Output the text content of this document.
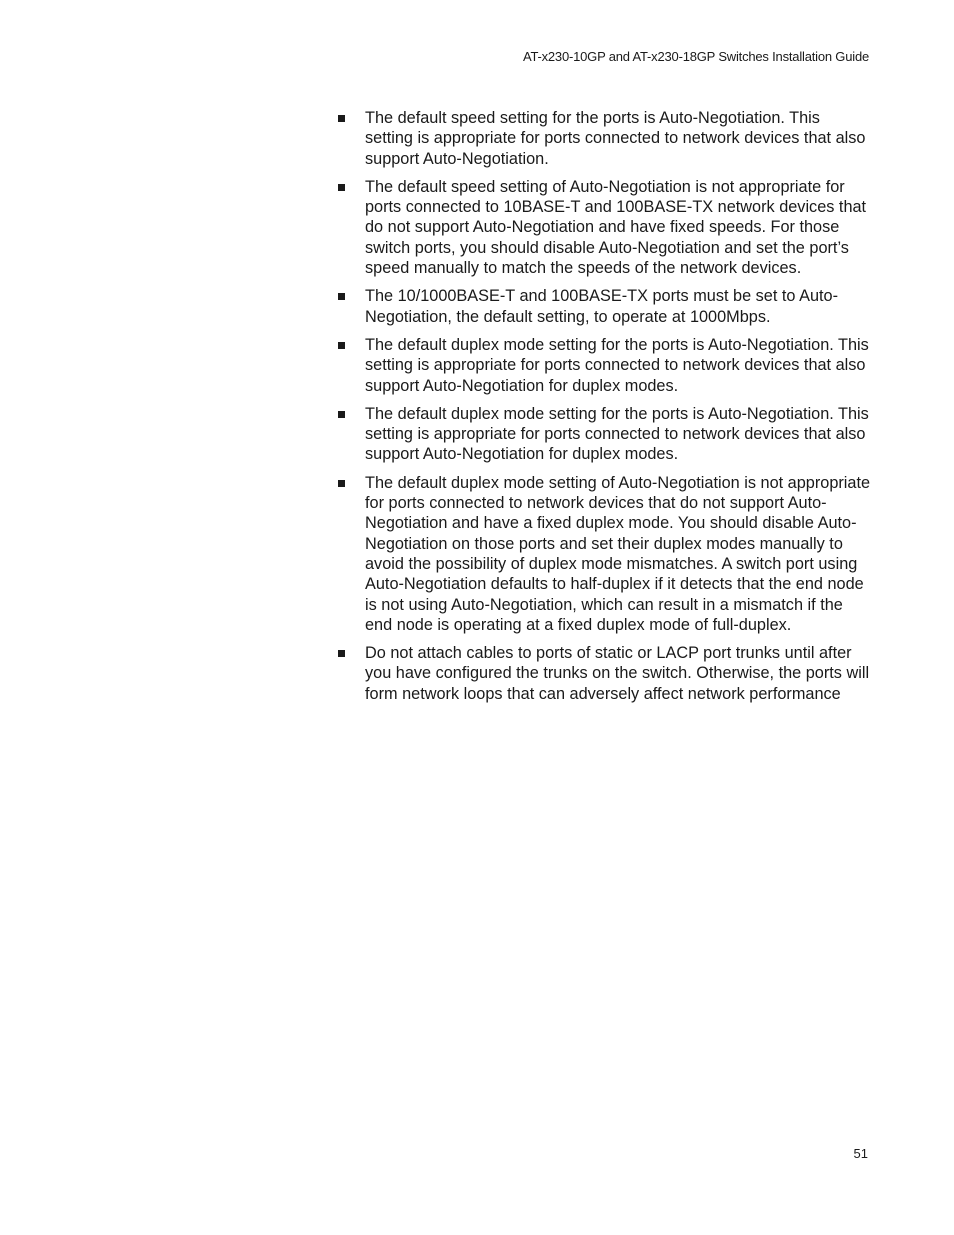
AT-x230-10GP and AT-x230-18GP Switches Installation Guide
The default speed setting for the ports is Auto-Negotiation. This setting is appropriate for ports connected to network devices that also support Auto-Negotiation.
The default speed setting of Auto-Negotiation is not appropriate for ports connected to 10BASE-T and 100BASE-TX network devices that do not support Auto-Negotiation and have fixed speeds. For those switch ports, you should disable Auto-Negotiation and set the port’s speed manually to match the speeds of the network devices.
The 10/1000BASE-T and 100BASE-TX ports must be set to Auto-Negotiation, the default setting, to operate at 1000Mbps.
The default duplex mode setting for the ports is Auto-Negotiation. This setting is appropriate for ports connected to network devices that also support Auto-Negotiation for duplex modes.
The default duplex mode setting for the ports is Auto-Negotiation. This setting is appropriate for ports connected to network devices that also support Auto-Negotiation for duplex modes.
The default duplex mode setting of Auto-Negotiation is not appropriate for ports connected to network devices that do not support Auto-Negotiation and have a fixed duplex mode. You should disable Auto-Negotiation on those ports and set their duplex modes manually to avoid the possibility of duplex mode mismatches. A switch port using Auto-Negotiation defaults to half-duplex if it detects that the end node is not using Auto-Negotiation, which can result in a mismatch if the end node is operating at a fixed duplex mode of full-duplex.
Do not attach cables to ports of static or LACP port trunks until after you have configured the trunks on the switch. Otherwise, the ports will form network loops that can adversely affect network performance
51
